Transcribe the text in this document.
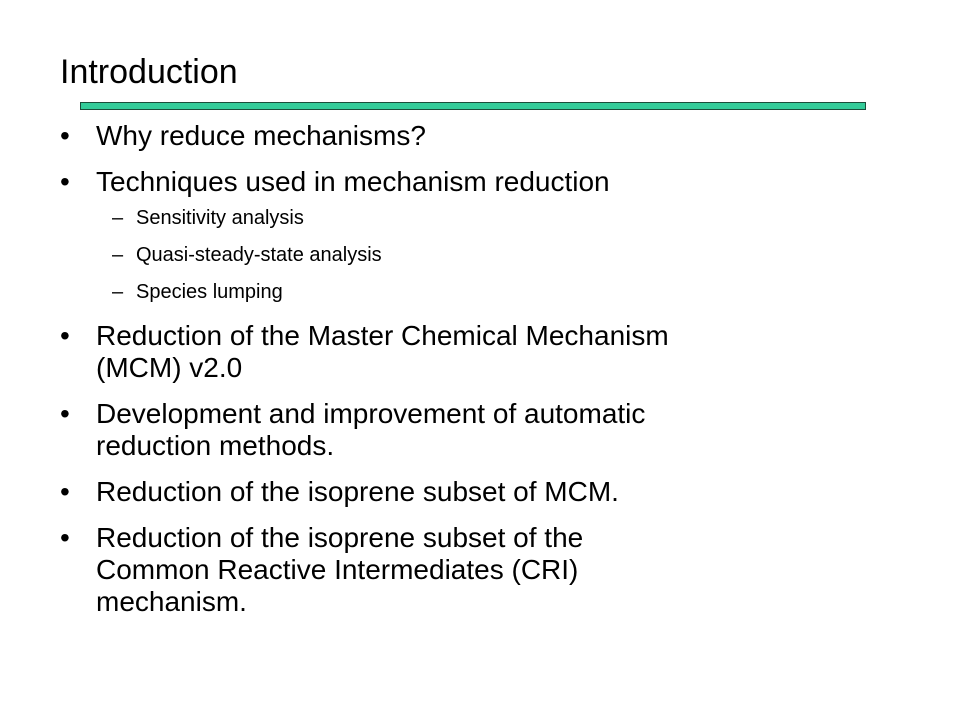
Introduction
• Why reduce mechanisms?
• Techniques used in mechanism reduction
– Sensitivity analysis
– Quasi-steady-state analysis
– Species lumping
• Reduction of the Master Chemical Mechanism
(MCM) v2.0
• Development and improvement of automatic
reduction methods.
• Reduction of the isoprene subset of MCM.
• Reduction of the isoprene subset of the
Common Reactive Intermediates (CRI)
mechanism.
